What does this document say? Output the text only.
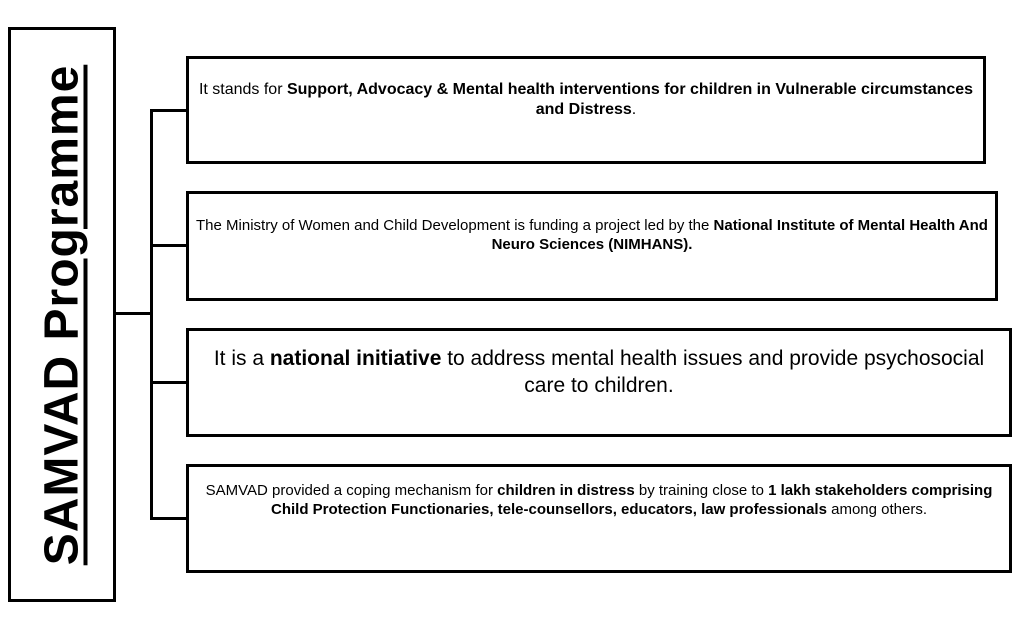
SAMVAD Programme	It stands for Support, Advocacy & Mental health interventions for children in Vulnerable circumstances and Distress.
The Ministry of Women and Child Development is funding a project led by the National Institute of Mental Health And Neuro Sciences (NIMHANS).
It is a national initiative to address mental health issues and provide psychosocial care to children.
SAMVAD provided a coping mechanism for children in distress by training close to 1 lakh stakeholders comprising Child Protection Functionaries, tele-counsellors, educators, law professionals among others.
